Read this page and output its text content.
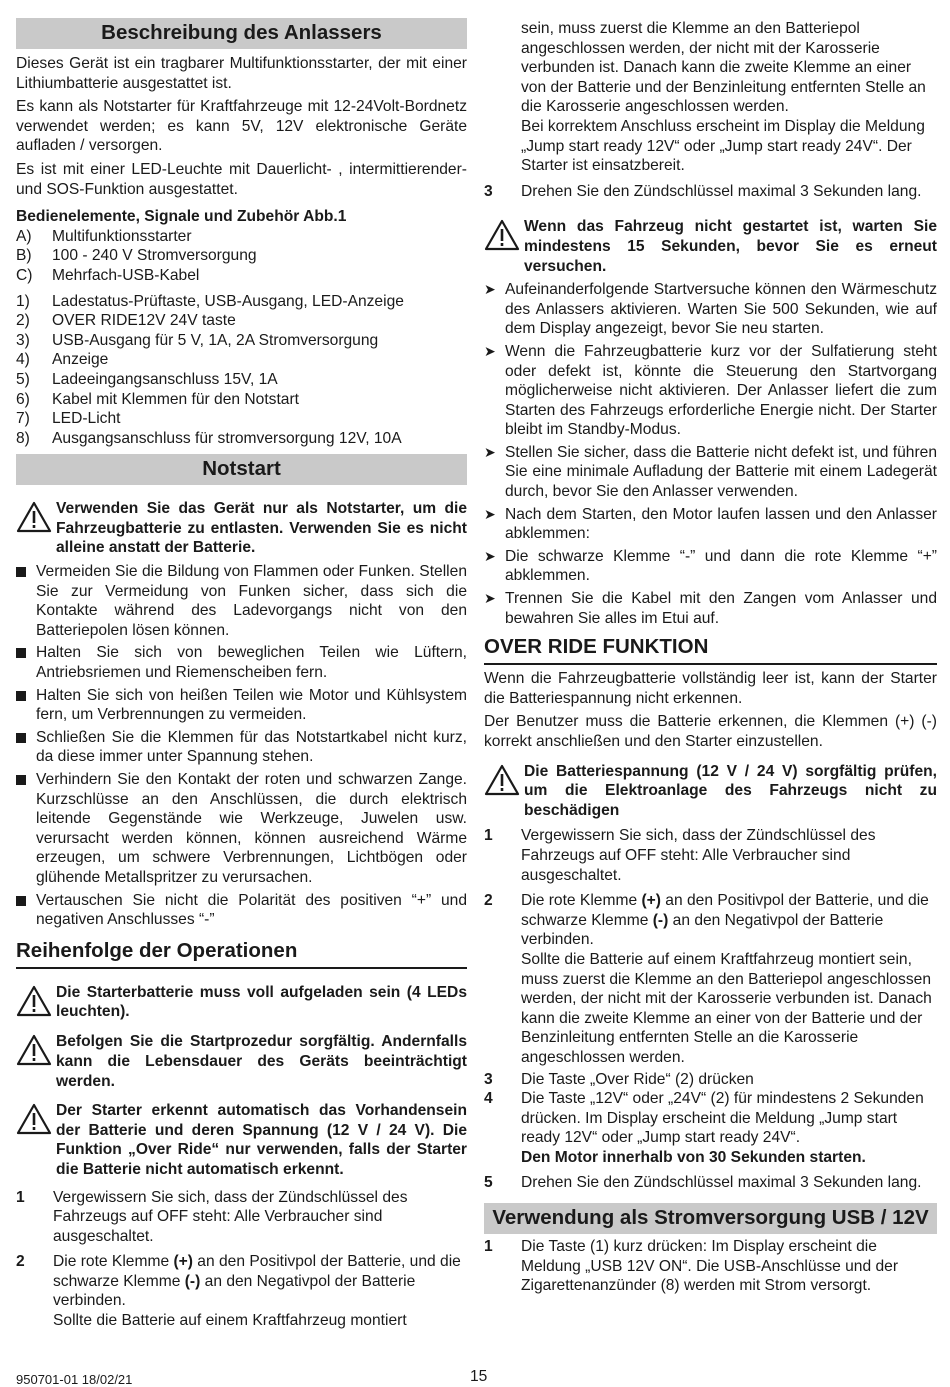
Beschreibung des Anlassers

Dieses Gerät ist ein tragbarer Multifunktionsstarter, der mit einer Lithiumbatterie ausgestattet ist.

Es kann als Notstarter für Kraftfahrzeuge mit 12-24Volt-Bordnetz verwendet werden; es kann 5V, 12V elektronische Geräte aufladen / versorgen.

Es ist mit einer LED-Leuchte mit Dauerlicht- , intermittierender- und SOS-Funktion ausgestattet.

Bedienelemente, Signale und Zubehör Abb.1

A)	Multifunktionsstarter
B)	100 - 240 V Stromversorgung
C)	Mehrfach-USB-Kabel
1)	Ladestatus-Prüftaste, USB-Ausgang, LED-Anzeige
2)	OVER RIDE12V 24V taste
3)	USB-Ausgang für 5 V, 1A, 2A Stromversorgung
4)	Anzeige
5)	Ladeeingangsanschluss 15V, 1A
6)	Kabel mit Klemmen für den Notstart
7)	LED-Licht
8)	Ausgangsanschluss für stromversorgung 12V, 10A
Notstart
Verwenden Sie das Gerät nur als Notstarter, um die Fahrzeugbatterie zu entlasten. Verwenden Sie es nicht alleine anstatt der Batterie.
Vermeiden Sie die Bildung von Flammen oder Funken. Stellen Sie zur Vermeidung von Funken sicher, dass sich die Kontakte während des Ladevorgangs nicht von den Batteriepolen lösen können.
Halten Sie sich von beweglichen Teilen wie Lüftern, Antriebsriemen und Riemenscheiben fern.
Halten Sie sich von heißen Teilen wie Motor und Kühlsystem fern, um Verbrennungen zu vermeiden.
Schließen Sie die Klemmen für das Notstartkabel nicht kurz, da diese immer unter Spannung stehen.
Verhindern Sie den Kontakt der roten und schwarzen Zange. Kurzschlüsse an den Anschlüssen, die durch elektrisch leitende Gegenstände wie Werkzeuge, Juwelen usw. verursacht werden können, können ausreichend Wärme erzeugen, um schwere Verbrennungen, Lichtbögen oder glühende Metallspritzer zu verursachen.
Vertauschen Sie nicht die Polarität des positiven “+” und negativen Anschlusses “-”
Reihenfolge der Operationen
Die Starterbatterie muss voll aufgeladen sein (4 LEDs leuchten).
Befolgen Sie die Startprozedur sorgfältig. Andernfalls kann die Lebensdauer des Geräts beeinträchtigt werden.
Der Starter erkennt automatisch das Vorhandensein der Batterie und deren Spannung (12 V / 24 V). Die Funktion „Over Ride“ nur verwenden, falls der Starter die Batterie nicht automatisch erkennt.
1	Vergewissern Sie sich, dass der Zündschlüssel des Fahrzeugs auf OFF steht: Alle Verbraucher sind ausgeschaltet.
2	Die rote Klemme (+) an den Positivpol der Batterie, und die schwarze Klemme (-) an den Negativpol der Batterie verbinden.
Sollte die Batterie auf einem Kraftfahrzeug montiert
sein, muss zuerst die Klemme an den Batteriepol angeschlossen werden, der nicht mit der Karosserie verbunden ist. Danach kann die zweite Klemme an einer von der Batterie und der Benzinleitung entfernten Stelle an die Karosserie angeschlossen werden.
Bei korrektem Anschluss erscheint im Display die Meldung „Jump start ready 12V“ oder „Jump start ready 24V“. Der Starter ist einsatzbereit.
3	Drehen Sie den Zündschlüssel maximal 3 Sekunden lang.
Wenn das Fahrzeug nicht gestartet ist, warten Sie mindestens 15 Sekunden, bevor Sie es erneut versuchen.
➤ Aufeinanderfolgende Startversuche können den Wärmeschutz des Anlassers aktivieren. Warten Sie 500 Sekunden, wie auf dem Display angezeigt, bevor Sie neu starten.
➤ Wenn die Fahrzeugbatterie kurz vor der Sulfatierung steht oder defekt ist, könnte die Steuerung den Startvorgang möglicherweise nicht aktivieren. Der Anlasser liefert die zum Starten des Fahrzeugs erforderliche Energie nicht. Der Starter bleibt im Standby-Modus.
➤ Stellen Sie sicher, dass die Batterie nicht defekt ist, und führen Sie eine minimale Aufladung der Batterie mit einem Ladegerät durch, bevor Sie den Anlasser verwenden.
➤ Nach dem Starten, den Motor laufen lassen und den Anlasser abklemmen:
➤ Die schwarze Klemme “-” und dann die rote Klemme “+” abklemmen.
➤ Trennen Sie die Kabel mit den Zangen vom Anlasser und bewahren Sie alles im Etui auf.
OVER RIDE FUNKTION

Wenn die Fahrzeugbatterie vollständig leer ist, kann der Starter die Batteriespannung nicht erkennen.

Der Benutzer muss die Batterie erkennen, die Klemmen (+) (-) korrekt anschließen und den Starter einzustellen.

Die Batteriespannung (12 V / 24 V) sorgfältig prüfen, um die Elektroanlage des Fahrzeugs nicht zu beschädigen
1	Vergewissern Sie sich, dass der Zündschlüssel des Fahrzeugs auf OFF steht: Alle Verbraucher sind ausgeschaltet.
2	Die rote Klemme (+) an den Positivpol der Batterie, und die schwarze Klemme (-) an den Negativpol der Batterie verbinden.
Sollte die Batterie auf einem Kraftfahrzeug montiert sein, muss zuerst die Klemme an den Batteriepol angeschlossen werden, der nicht mit der Karosserie verbunden ist. Danach kann die zweite Klemme an einer von der Batterie und der Benzinleitung entfernten Stelle an die Karosserie angeschlossen werden.
3	Die Taste „Over Ride“ (2) drücken
4	Die Taste „12V“ oder „24V“ (2) für mindestens 2 Sekunden drücken. Im Display erscheint die Meldung „Jump start ready 12V“ oder „Jump start ready 24V“.
Den Motor innerhalb von 30 Sekunden starten.
5	Drehen Sie den Zündschlüssel maximal 3 Sekunden lang.
Verwendung als Stromversorgung USB / 12V
1	Die Taste (1) kurz drücken: Im Display erscheint die Meldung „USB 12V ON“. Die USB-Anschlüsse und der Zigarettenanzünder (8) werden mit Strom versorgt.
950701-01 18/02/21	15
